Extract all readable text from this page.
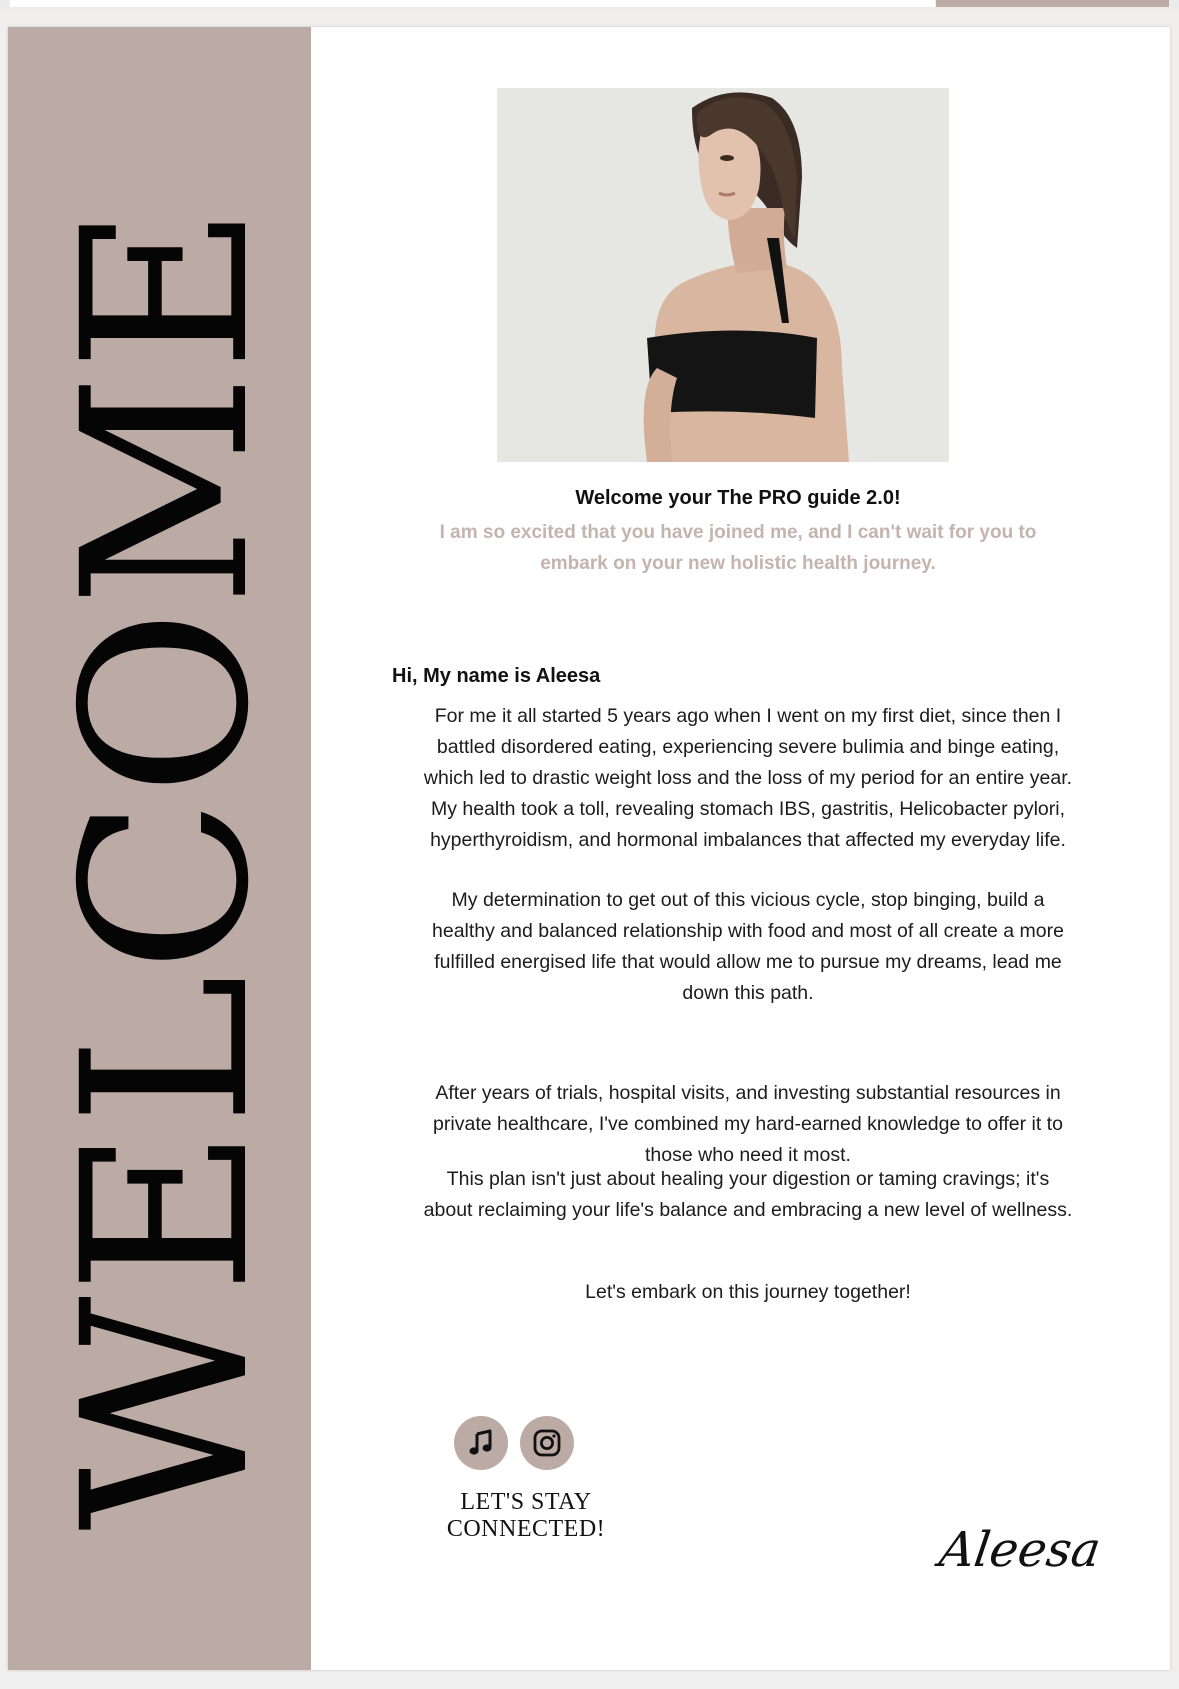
WELCOME	Welcome your The PRO guide 2.0!
I am so excited that you have joined me, and I can't wait for you to
embark on your new holistic health journey.
Hi, My name is Aleesa
For me it all started 5 years ago when I went on my first diet, since then I
battled disordered eating, experiencing severe bulimia and binge eating,
which led to drastic weight loss and the loss of my period for an entire year.
My health took a toll, revealing stomach IBS, gastritis, Helicobacter pylori,
hyperthyroidism, and hormonal imbalances that affected my everyday life.
My determination to get out of this vicious cycle, stop binging, build a
healthy and balanced relationship with food and most of all create a more
fulfilled energised life that would allow me to pursue my dreams, lead me
down this path.
After years of trials, hospital visits, and investing substantial resources in
private healthcare, I've combined my hard-earned knowledge to offer it to
those who need it most.
This plan isn't just about healing your digestion or taming cravings; it's
about reclaiming your life's balance and embracing a new level of wellness.
Let's embark on this journey together!
LET'S STAY
CONNECTED!	Aleesa
